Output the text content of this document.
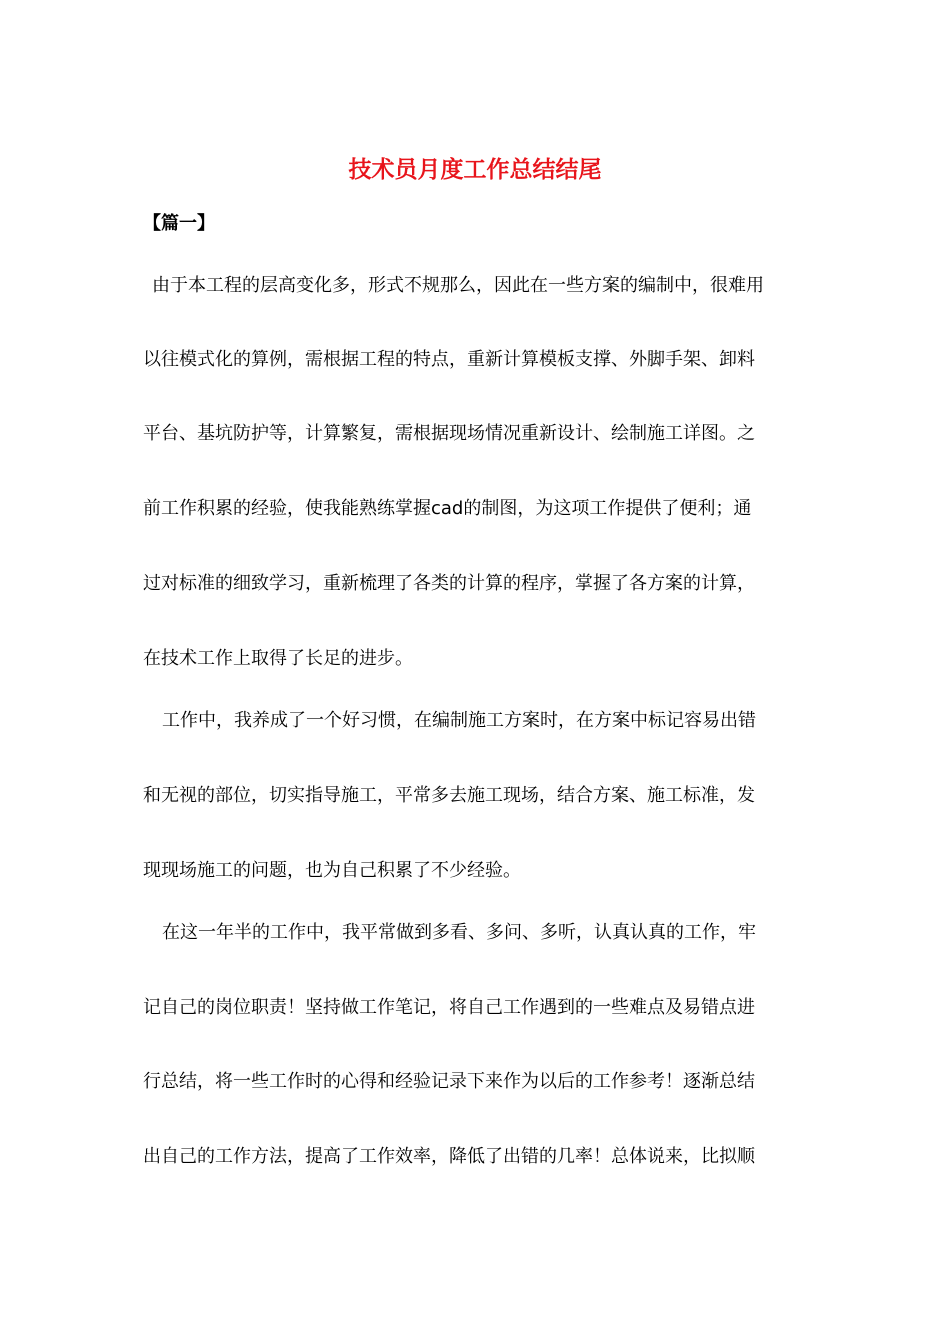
技术员月度工作总结结尾
【篇一】
由于本工程的层高变化多，形式不规那么，因此在一些方案的编制中，很难用
以往模式化的算例，需根据工程的特点，重新计算模板支撑、外脚手架、卸料
平台、基坑防护等，计算繁复，需根据现场情况重新设计、绘制施工详图。之
前工作积累的经验，使我能熟练掌握cad的制图，为这项工作提供了便利；通
过对标准的细致学习，重新梳理了各类的计算的程序，掌握了各方案的计算，
在技术工作上取得了长足的进步。
工作中，我养成了一个好习惯，在编制施工方案时，在方案中标记容易出错
和无视的部位，切实指导施工，平常多去施工现场，结合方案、施工标准，发
现现场施工的问题，也为自己积累了不少经验。
在这一年半的工作中，我平常做到多看、多问、多听，认真认真的工作，牢
记自己的岗位职责！坚持做工作笔记，将自己工作遇到的一些难点及易错点进
行总结，将一些工作时的心得和经验记录下来作为以后的工作参考！逐渐总结
出自己的工作方法，提高了工作效率，降低了出错的几率！总体说来，比拟顺
